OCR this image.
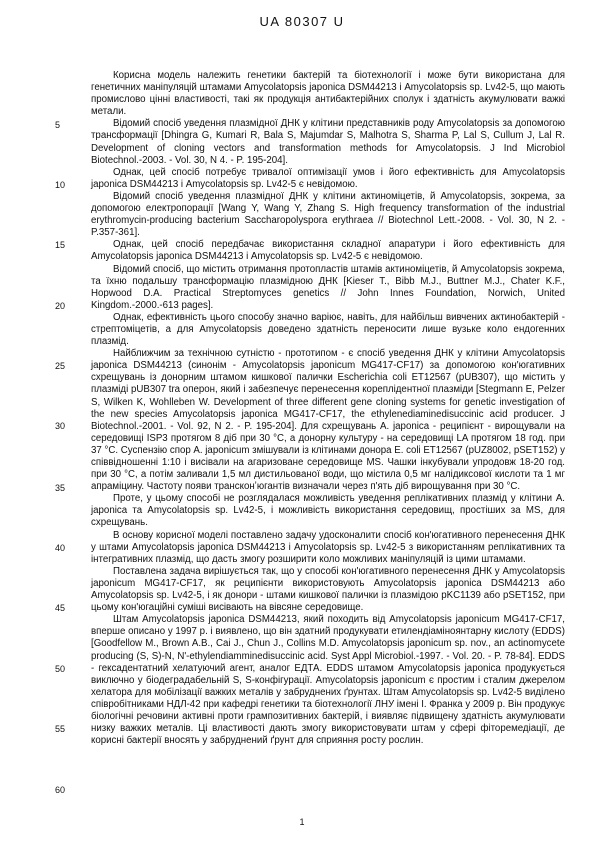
UA 80307 U
5
10
15
20
25
30
35
40
45
50
55
60

Корисна модель належить генетики бактерій та біотехнології і може бути використана для генетичних маніпуляцій штамами Amycolatopsis japonica DSM44213 і Amycolatopsis sp. Lv42-5, що мають промислово цінні властивості, такі як продукція антибактерійних сполук і здатність акумулювати важкі метали.

Відомий спосіб уведення плазмідної ДНК у клітини представників роду Amycolatopsis за допомогою трансформації [Dhingra G, Kumari R, Bala S, Majumdar S, Malhotra S, Sharma P, Lal S, Cullum J, Lal R. Development of cloning vectors and transformation methods for Amycolatopsis. J Ind Microbiol Biotechnol.-2003. - Vol. 30, N 4. - P. 195-204].

Однак, цей спосіб потребує тривалої оптимізації умов і його ефективність для Amycolatopsis japonica DSM44213 і Amycolatopsis sp. Lv42-5 є невідомою.

Відомий спосіб уведення плазмідної ДНК у клітини актиноміцетів, й Amycolatopsis, зокрема, за допомогою електропорації [Wang Y, Wang Y, Zhang S. High frequency transformation of the industrial erythromycin-producing bacterium Saccharopolyspora erythraea // Biotechnol Lett.-2008. - Vol. 30, N 2. - P.357-361].

Однак, цей спосіб передбачає використання складної апаратури і його ефективність для Amycolatopsis japonica DSM44213 і Amycolatopsis sp. Lv42-5 є невідомою.

Відомий спосіб, що містить отримання протопластів штамів актиноміцетів, й Amycolatopsis зокрема, та їхню подальшу трансформацію плазмідною ДНК [Kieser T., Bibb M.J., Buttner M.J., Chater K.F., Hopwood D.A. Practical Streptomyces genetics // John Innes Foundation, Norwich, United Kingdom.-2000.-613 pages].

Однак, ефективність цього способу значно варіює, навіть, для найбільш вивчених актинобактерій - стрептоміцетів, а для Amycolatopsis доведено здатність переносити лише вузьке коло ендогенних плазмід.

Найближчим за технічною сутністю - прототипом - є спосіб уведення ДНК у клітини Amycolatopsis japonica DSM44213 (синонім - Amycolatopsis japonicum MG417-CF17) за допомогою кон'югативних схрещувань із донорним штамом кишкової палички Escherichia coli ET12567 (pUB307), що містить у плазміді pUB307 tra оперон, який і забезпечує перенесення кореплідентної плазміди [Stegmann E, Pelzer S, Wilken K, Wohlleben W. Development of three different gene cloning systems for genetic investigation of the new species Amycolatopsis japonica MG417-CF17, the ethylenediaminedisuccinic acid producer. J Biotechnol.-2001. - Vol. 92, N 2. - P. 195-204]. Для схрещувань A. japonica - реципієнт - вирощували на середовищі ISP3 протягом 8 діб при 30 °С, а донорну культуру - на середовищі LA протягом 18 год. при 37 °С. Суспензію спор A. japonicum змішували із клітинами донора E. coli ET12567 (pUZ8002, pSET152) у співвідношенні 1:10 і висівали на агаризоване середовище MS. Чашки інкубували упродовж 18-20 год. при 30 °С, а потім заливали 1,5 мл дистильованої води, що містила 0,5 мг налідиксової кислоти та 1 мг апраміцину. Частоту появи трансконʼюгантів визначали через п'ять діб вирощування при 30 °С.

Проте, у цьому способі не розглядалася можливість уведення реплікативних плазмід у клітини A. japonica та Amycolatopsis sp. Lv42-5, і можливість використання середовищ, простіших за MS, для схрещувань.

В основу корисної моделі поставлено задачу удосконалити спосіб кон'югативного перенесення ДНК у штами Amycolatopsis japonica DSM44213 і Amycolatopsis sp. Lv42-5 з використанням реплікативних та інтегративних плазмід, що дасть змогу розширити коло можливих маніпуляцій із цими штамами.

Поставлена задача вирішується так, що у способі кон'югативного перенесення ДНК у Amycolatopsis japonicum MG417-CF17, як реципієнти використовують Amycolatopsis japonica DSM44213 або Amycolatopsis sp. Lv42-5, і як донори - штами кишкової палички із плазмідою pKC1139 або pSET152, при цьому кон'югаційні суміші висівають на вівсяне середовище.

Штам Amycolatopsis japonica DSM44213, який походить від Amycolatopsis japonicum MG417-CF17, вперше описано у 1997 р. і виявлено, що він здатний продукувати етилендіаміноянтарну кислоту (EDDS) [Goodfellow M., Brown A.B., Cai J., Chun J., Collins M.D. Amycolatopsis japonicum sp. nov., an actinomycete producing (S, S)-N, N'-ethylendiamminedisuccinic acid. Syst Appl Microbiol.-1997. - Vol. 20. - P. 78-84]. EDDS - гексадентатний хелатуючий агент, аналог ЕДТА. EDDS штамом Amycolatopsis japonica продукується виключно у біодеградабельній S, S-конфігурації. Amycolatopsis japonicum є простим і сталим джерелом хелатора для мобілізації важких металів у забруднених ґрунтах. Штам Amycolatopsis sp. Lv42-5 виділено співробітниками НДЛ-42 при кафедрі генетики та біотехнології ЛНУ імені І. Франка у 2009 р. Він продукує біологічні речовини активні проти грампозитивних бактерій, і виявляє підвищену здатність акумулювати низку важких металів. Ці властивості дають змогу використовувати штам у сфері фіторемедіації, де корисні бактерії вносять у забруднений ґрунт для сприяння росту рослин.

1
